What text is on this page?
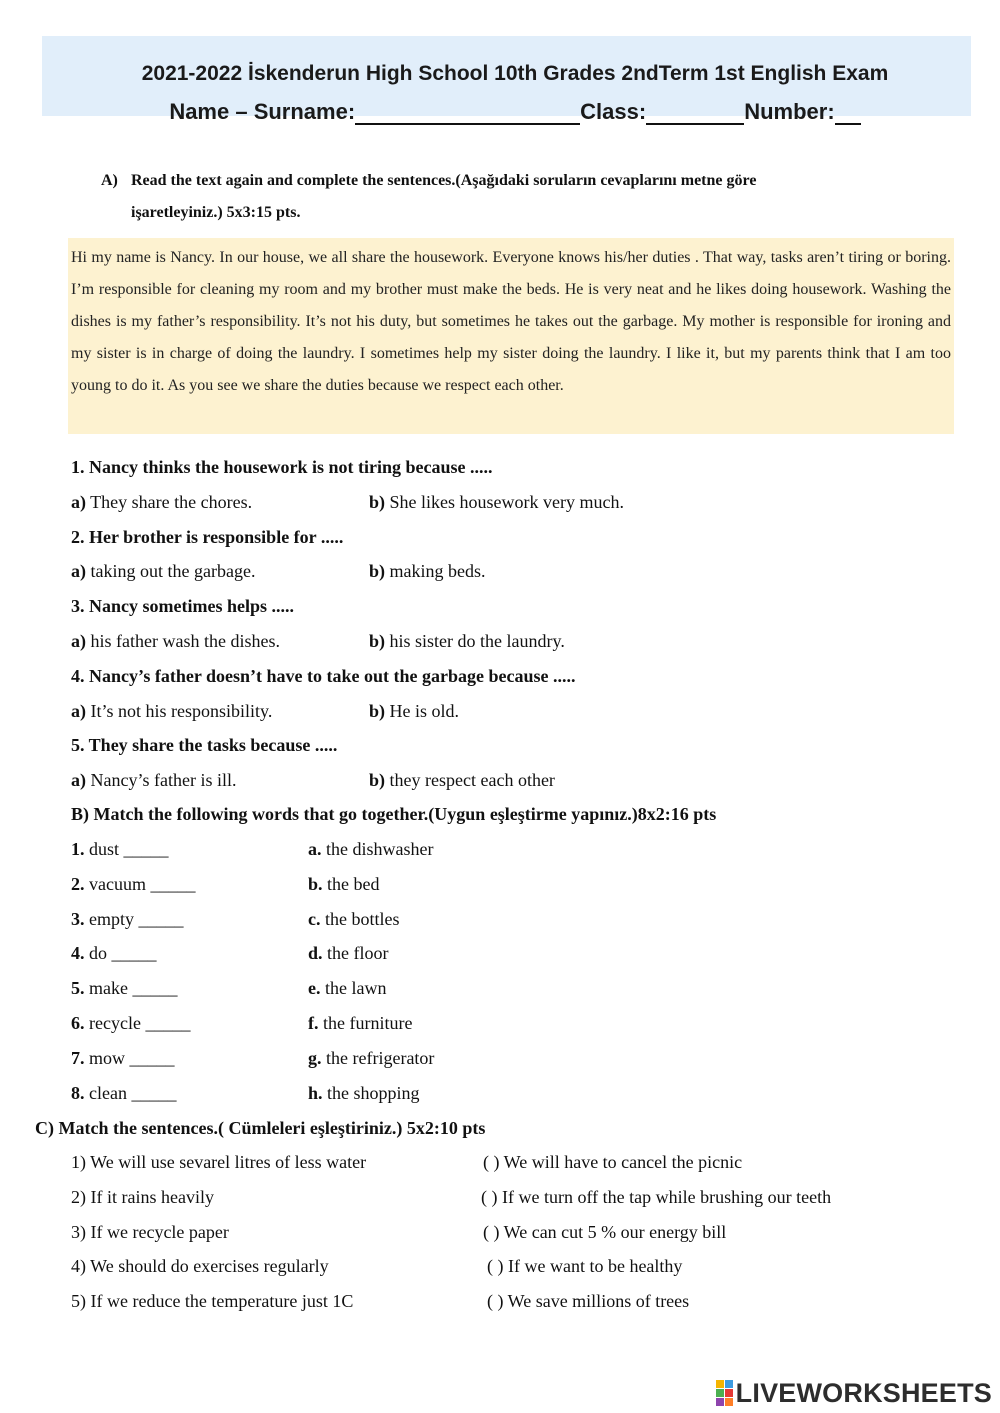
2021-2022 İskenderun High School 10th Grades 2ndTerm 1st English Exam
Name – Surname:	Class:	Number:
A) Read the text again and complete the sentences.(Aşağıdaki soruların cevaplarını metne göre
işaretleyiniz.) 5x3:15 pts.
Hi my name is Nancy. In our house, we all share the housework. Everyone knows his/her duties . That way, tasks aren’t tiring or boring. I’m responsible for cleaning my room and my brother must make the beds. He is very neat and he likes doing housework. Washing the dishes is my father’s responsibility. It’s not his duty, but sometimes he takes out the garbage. My mother is responsible for ironing and my sister is in charge of doing the laundry. I sometimes help my sister doing the laundry. I like it, but my parents think that I am too young to do it. As you see we share the duties because we respect each other.
1. Nancy thinks the housework is not tiring because .....
a) They share the chores.	b) She likes housework very much.
2. Her brother is responsible for .....
a) taking out the garbage.	b) making beds.
3. Nancy sometimes helps .....
a) his father wash the dishes.	b) his sister do the laundry.
4. Nancy’s father doesn’t have to take out the garbage because .....
a) It’s not his responsibility.	b) He is old.
5. They share the tasks because .....
a) Nancy’s father is ill.	b) they respect each other
B) Match the following words that go together.(Uygun eşleştirme yapınız.)8x2:16 pts
1. dust _____	a. the dishwasher
2. vacuum _____	b. the bed
3. empty _____	c. the bottles
4. do _____	d. the floor
5. make _____	e. the lawn
6. recycle _____	f. the furniture
7. mow _____	g. the refrigerator
8. clean _____	h. the shopping
C) Match the sentences.( Cümleleri eşleştiriniz.) 5x2:10 pts
1) We will use sevarel litres of less water	( ) We will have to cancel the picnic
2) If it rains heavily	( ) If we turn off the tap while brushing our teeth
3) If we recycle paper	( ) We can cut 5 % our energy bill
4) We should do exercises regularly	( ) If we want to be healthy
5) If we reduce the temperature just 1C	( ) We save millions of trees
LIVEWORKSHEETS
